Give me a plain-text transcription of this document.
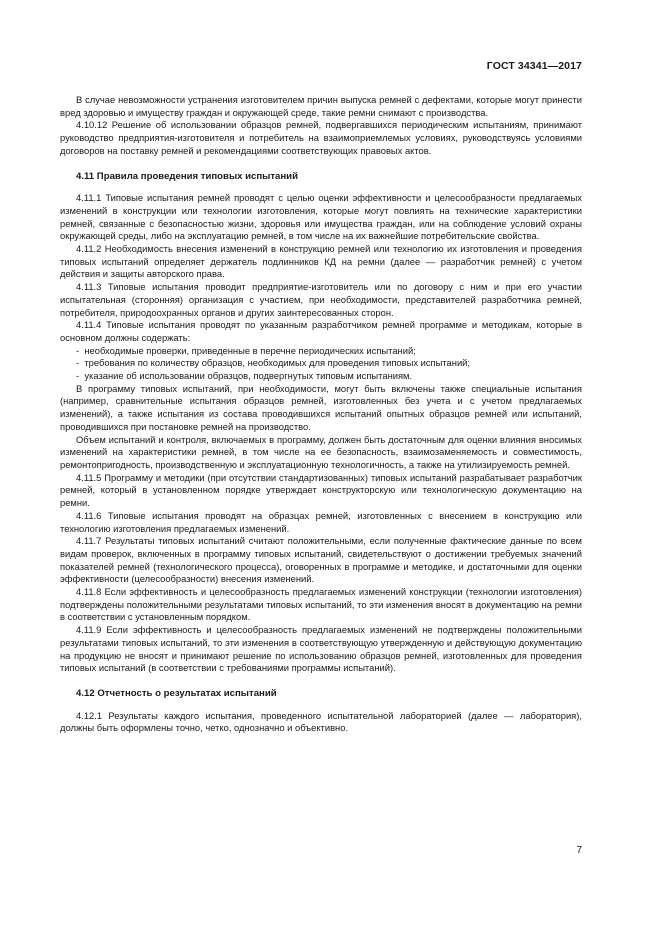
ГОСТ 34341—2017

В случае невозможности устранения изготовителем причин выпуска ремней с дефектами, которые могут принести вред здоровью и имуществу граждан и окружающей среде, такие ремни снимают с производства.

4.10.12 Решение об использовании образцов ремней, подвергавшихся периодическим испытаниям, принимают руководство предприятия-изготовителя и потребитель на взаимоприемлемых условиях, руководствуясь условиями договоров на поставку ремней и рекомендациями соответствующих правовых актов.

4.11 Правила проведения типовых испытаний

4.11.1 Типовые испытания ремней проводят с целью оценки эффективности и целесообразности предлагаемых изменений в конструкции или технологии изготовления, которые могут повлиять на технические характеристики ремней, связанные с безопасностью жизни, здоровья или имущества граждан, или на соблюдение условий охраны окружающей среды, либо на эксплуатацию ремней, в том числе на их важнейшие потребительские свойства.

4.11.2 Необходимость внесения изменений в конструкцию ремней или технологию их изготовления и проведения типовых испытаний определяет держатель подлинников КД на ремни (далее — разработчик ремней) с учетом действия и защиты авторского права.

4.11.3 Типовые испытания проводит предприятие-изготовитель или по договору с ним и при его участии испытательная (сторонняя) организация с участием, при необходимости, представителей разработчика ремней, потребителя, природоохранных органов и других заинтересованных сторон.

4.11.4 Типовые испытания проводят по указанным разработчиком ремней программе и методикам, которые в основном должны содержать:

-  необходимые проверки, приведенные в перечне периодических испытаний;
-  требования по количеству образцов, необходимых для проведения типовых испытаний;
-  указание об использовании образцов, подвергнутых типовым испытаниям.

В программу типовых испытаний, при необходимости, могут быть включены также специальные испытания (например, сравнительные испытания образцов ремней, изготовленных без учета и с учетом предлагаемых изменений), а также испытания из состава проводившихся испытаний опытных образцов ремней или испытаний, проводившихся при постановке ремней на производство.

Объем испытаний и контроля, включаемых в программу, должен быть достаточным для оценки влияния вносимых изменений на характеристики ремней, в том числе на ее безопасность, взаимозаменяемость и совместимость, ремонтопригодность, производственную и эксплуатационную технологичность, а также на утилизируемость ремней.

4.11.5 Программу и методики (при отсутствии стандартизованных) типовых испытаний разрабатывает разработчик ремней, который в установленном порядке утверждает конструкторскую или технологическую документацию на ремни.

4.11.6 Типовые испытания проводят на образцах ремней, изготовленных с внесением в конструкцию или технологию изготовления предлагаемых изменений.

4.11.7 Результаты типовых испытаний считают положительными, если полученные фактические данные по всем видам проверок, включенных в программу типовых испытаний, свидетельствуют о достижении требуемых значений показателей ремней (технологического процесса), оговоренных в программе и методике, и достаточными для оценки эффективности (целесообразности) внесения изменений.

4.11.8 Если эффективность и целесообразность предлагаемых изменений конструкции (технологии изготовления) подтверждены положительными результатами типовых испытаний, то эти изменения вносят в документацию на ремни в соответствии с установленным порядком.

4.11.9 Если эффективность и целесообразность предлагаемых изменений не подтверждены положительными результатами типовых испытаний, то эти изменения в соответствующую утвержденную и действующую документацию на продукцию не вносят и принимают решение по использованию образцов ремней, изготовленных для проведения типовых испытаний (в соответствии с требованиями программы испытаний).

4.12 Отчетность о результатах испытаний

4.12.1 Результаты каждого испытания, проведенного испытательной лабораторией (далее — лаборатория), должны быть оформлены точно, четко, однозначно и объективно.

7
